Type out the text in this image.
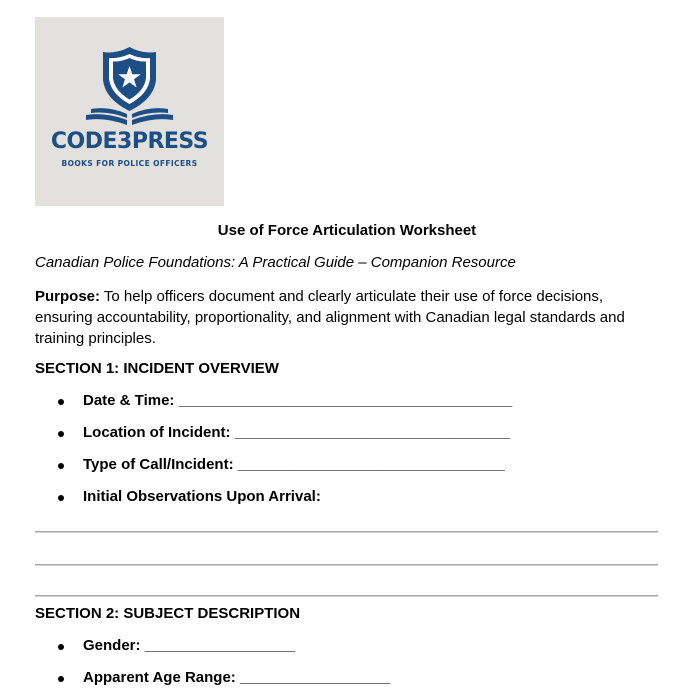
CODE3PRESS
BOOKS FOR POLICE OFFICERS
Use of Force Articulation Worksheet
Canadian Police Foundations: A Practical Guide – Companion Resource
Purpose: To help officers document and clearly articulate their use of force decisions, ensuring accountability, proportionality, and alignment with Canadian legal standards and training principles.
SECTION 1: INCIDENT OVERVIEW
Date & Time: ________________________________________
Location of Incident: _________________________________
Type of Call/Incident: ________________________________
Initial Observations Upon Arrival:
SECTION 2: SUBJECT DESCRIPTION
Gender: __________________
Apparent Age Range: __________________
